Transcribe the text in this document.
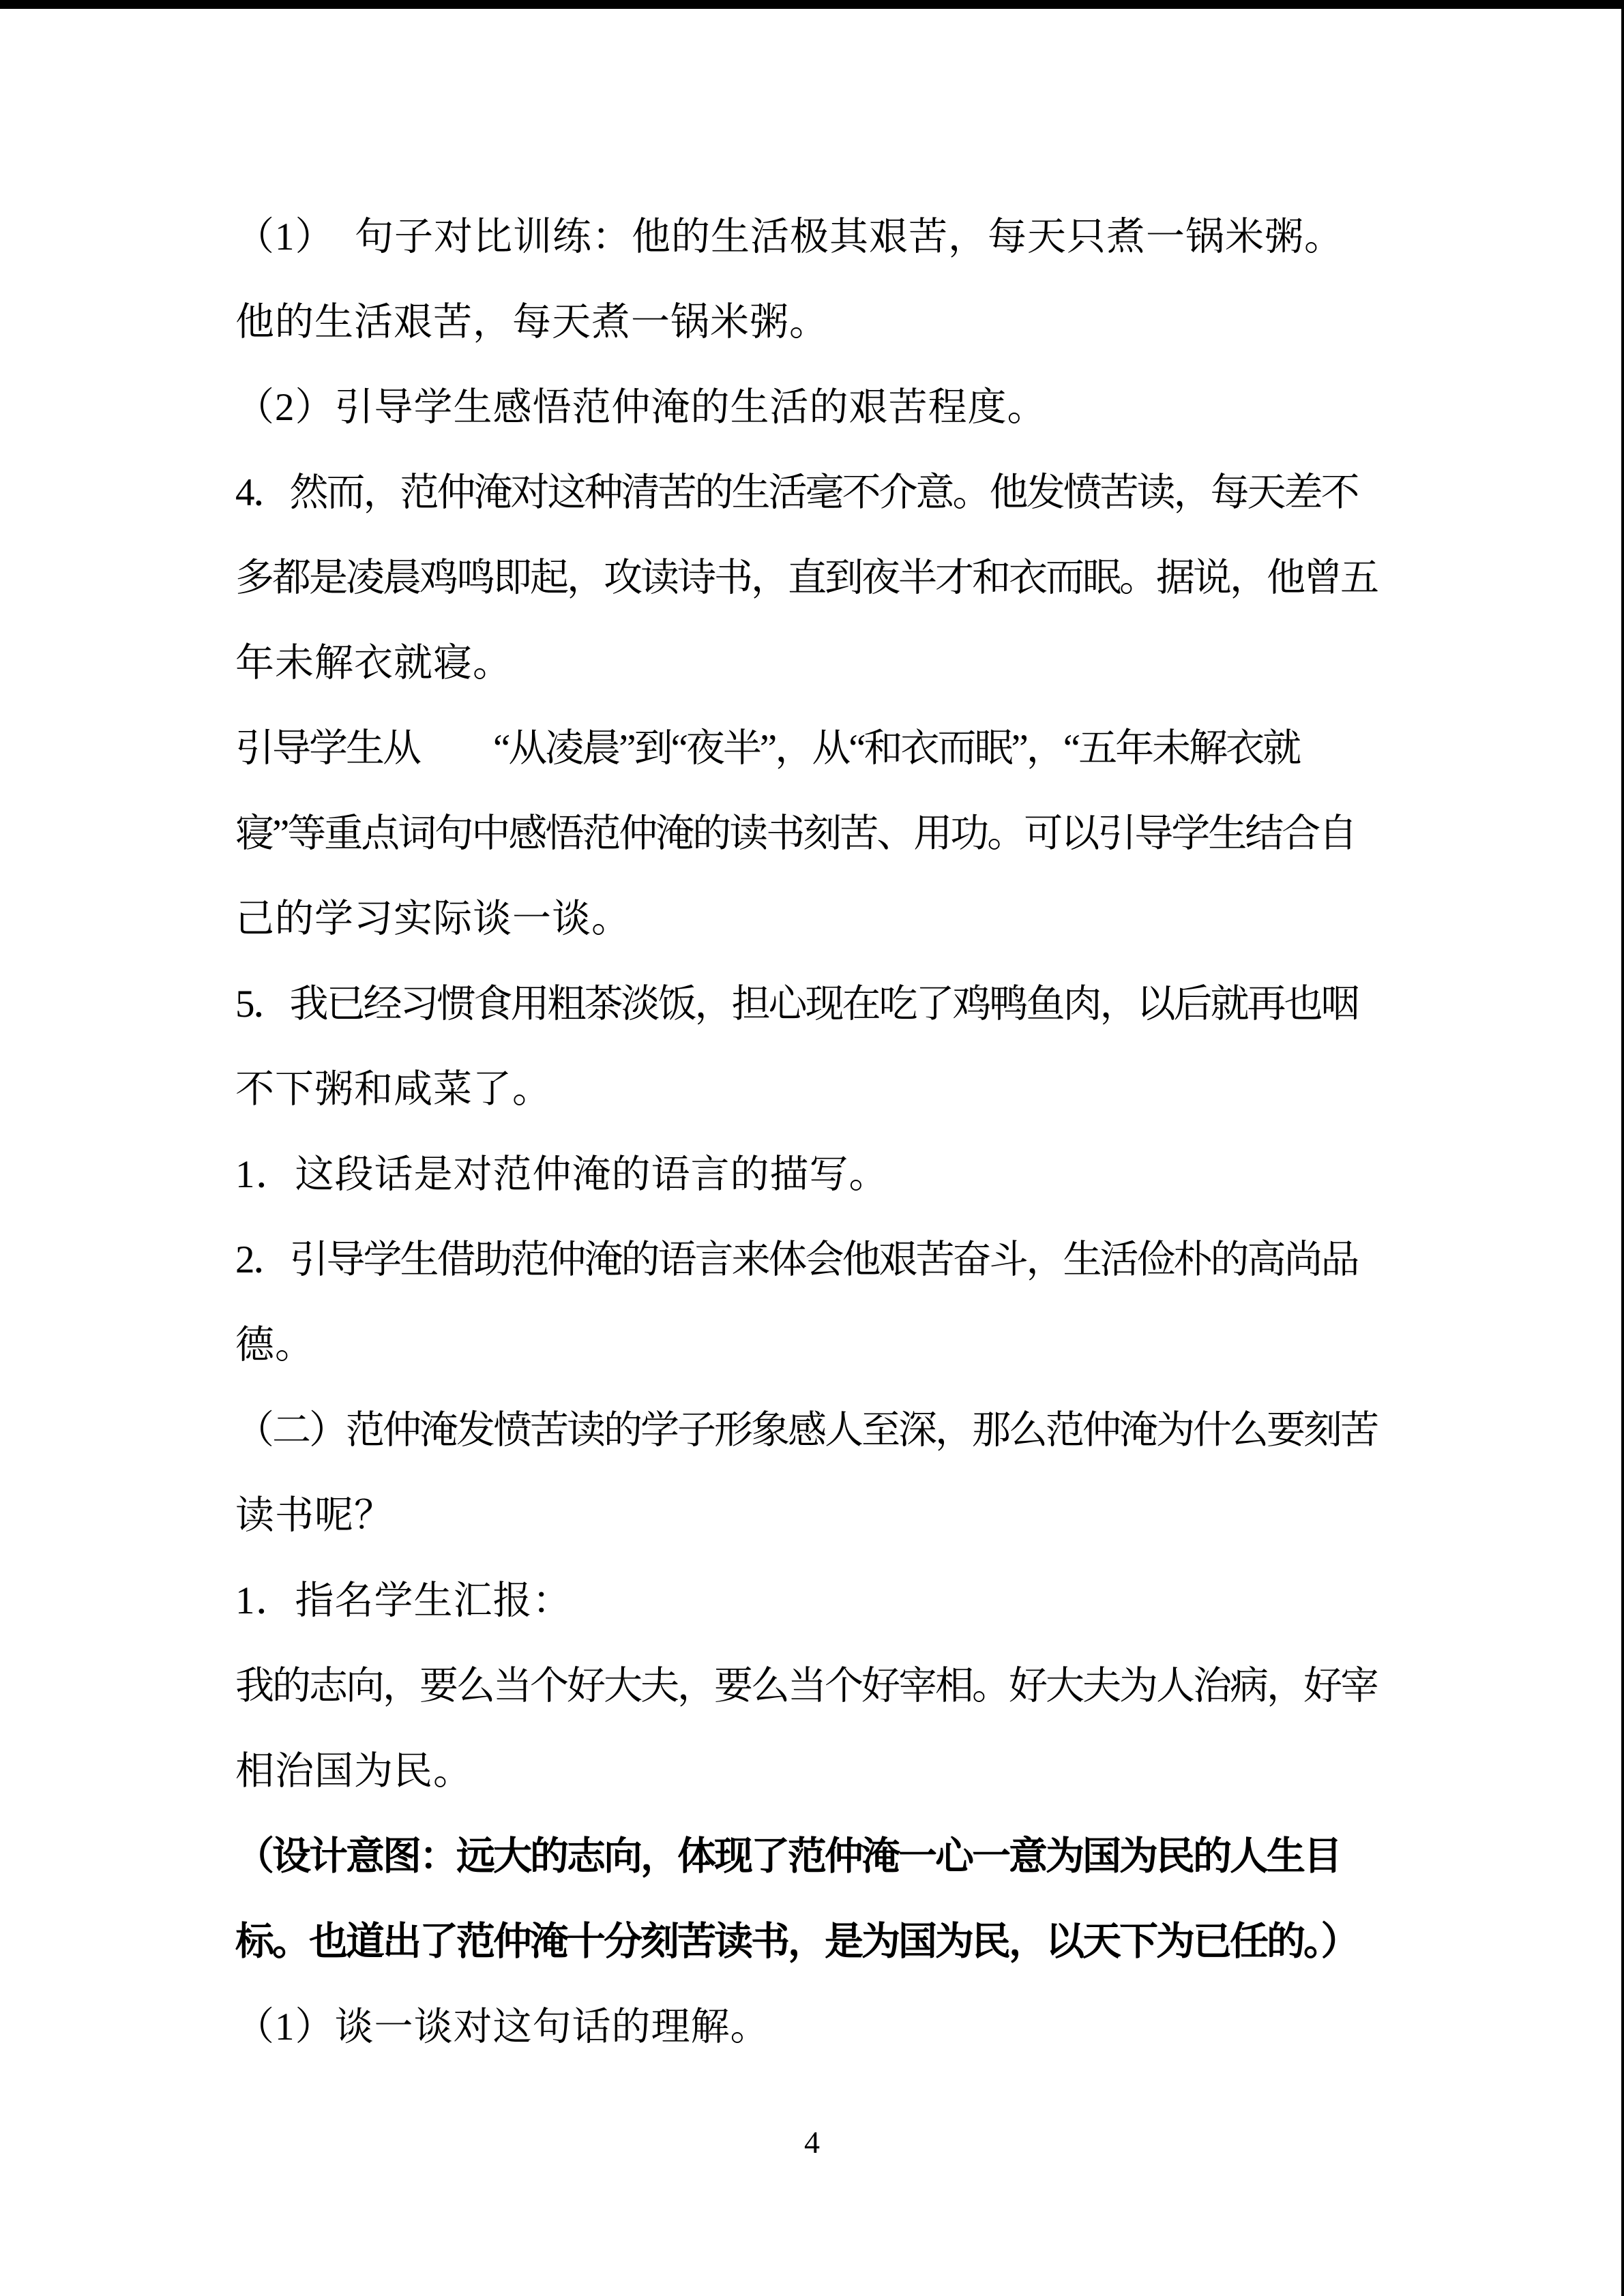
（1）　句子对比训练：他的生活极其艰苦，每天只煮一锅米粥。
他的生活艰苦，每天煮一锅米粥。
（2）引导学生感悟范仲淹的生活的艰苦程度。
4．然而，范仲淹对这种清苦的生活毫不介意。他发愤苦读，每天差不
多都是凌晨鸡鸣即起，攻读诗书，直到夜半才和衣而眠。据说，他曾五
年未解衣就寝。
引导学生从　　“从凌晨”到“夜半”，从“和衣而眠”，“五年未解衣就
寝”等重点词句中感悟范仲淹的读书刻苦、用功。可以引导学生结合自
己的学习实际谈一谈。
5．我已经习惯食用粗茶淡饭，担心现在吃了鸡鸭鱼肉，以后就再也咽
不下粥和咸菜了。
1．这段话是对范仲淹的语言的描写。
2．引导学生借助范仲淹的语言来体会他艰苦奋斗，生活俭朴的高尚品
德。
（二）范仲淹发愤苦读的学子形象感人至深，那么范仲淹为什么要刻苦
读书呢？
1．指名学生汇报：
我的志向，要么当个好大夫，要么当个好宰相。好大夫为人治病，好宰
相治国为民。
（设计意图：远大的志向，体现了范仲淹一心一意为国为民的人生目
标。也道出了范仲淹十分刻苦读书，是为国为民，以天下为已任的。）
（1）谈一谈对这句话的理解。
4
